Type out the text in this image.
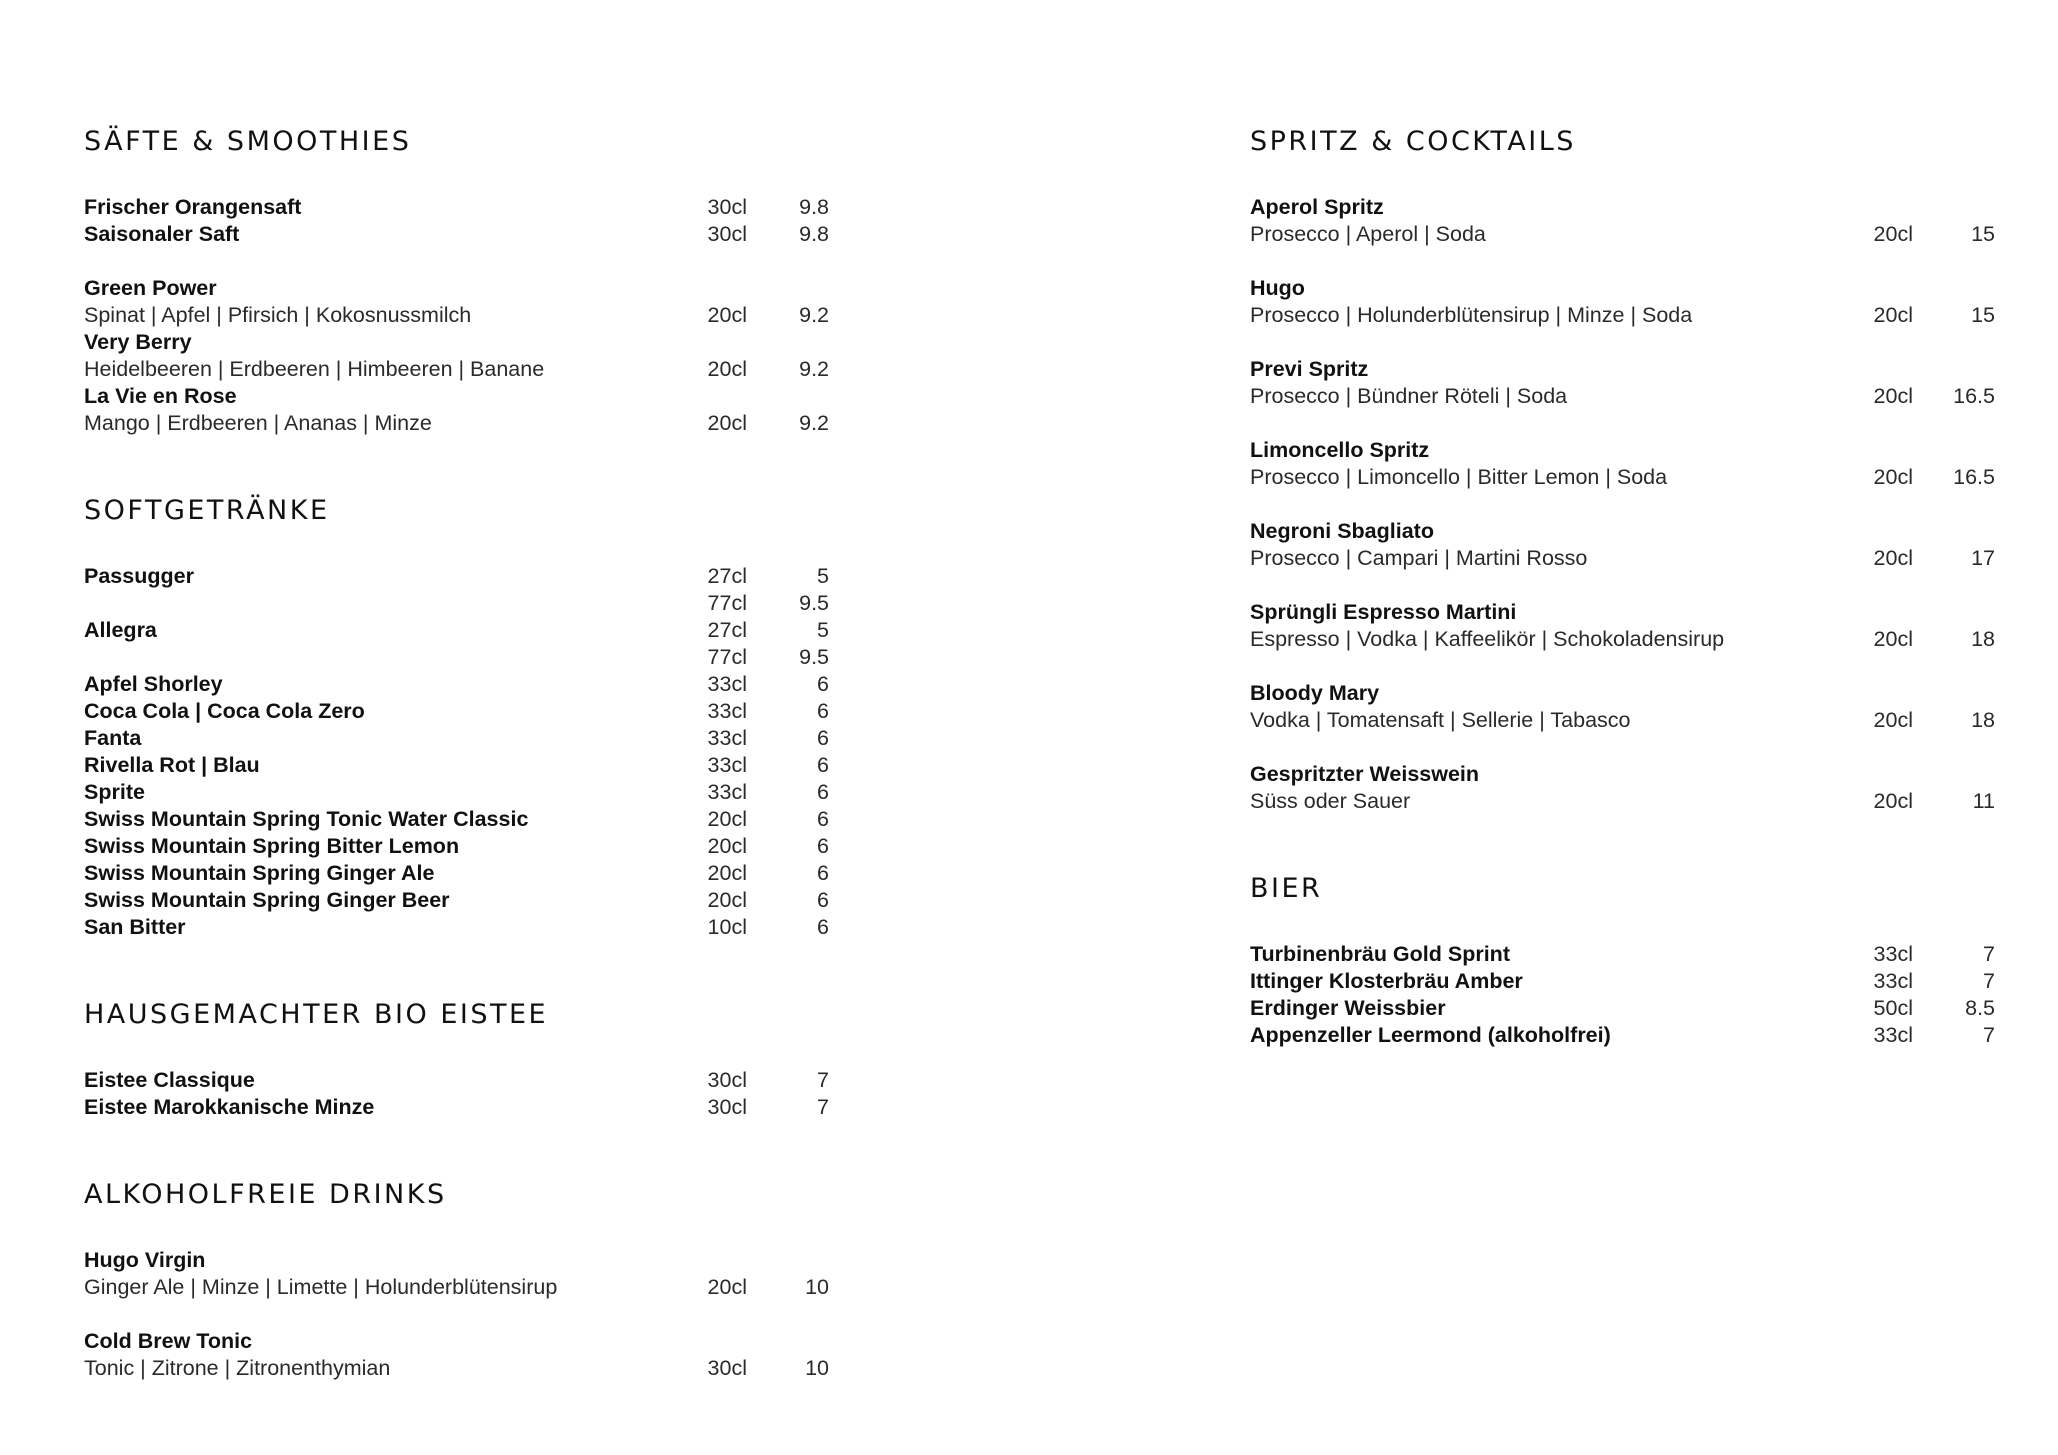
SÄFTE & SMOOTHIES
Frischer Orangensaft	30cl	9.8
Saisonaler Saft	30cl	9.8
Green Power
Spinat | Apfel | Pfirsich | Kokosnussmilch	20cl	9.2
Very Berry
Heidelbeeren | Erdbeeren | Himbeeren | Banane	20cl	9.2
La Vie en Rose
Mango | Erdbeeren | Ananas | Minze	20cl	9.2
SOFTGETRÄNKE
Passugger	27cl	5
77cl	9.5
Allegra	27cl	5
77cl	9.5
Apfel Shorley	33cl	6
Coca Cola | Coca Cola Zero	33cl	6
Fanta	33cl	6
Rivella Rot | Blau	33cl	6
Sprite	33cl	6
Swiss Mountain Spring Tonic Water Classic	20cl	6
Swiss Mountain Spring Bitter Lemon	20cl	6
Swiss Mountain Spring Ginger Ale	20cl	6
Swiss Mountain Spring Ginger Beer	20cl	6
San Bitter	10cl	6
HAUSGEMACHTER BIO EISTEE
Eistee Classique	30cl	7
Eistee Marokkanische Minze	30cl	7
ALKOHOLFREIE DRINKS
Hugo Virgin
Ginger Ale | Minze | Limette | Holunderblütensirup	20cl	10
Cold Brew Tonic
Tonic | Zitrone | Zitronenthymian	30cl	10
SPRITZ & COCKTAILS
Aperol Spritz
Prosecco | Aperol | Soda	20cl	15
Hugo
Prosecco | Holunderblütensirup | Minze | Soda	20cl	15
Previ Spritz
Prosecco | Bündner Röteli | Soda	20cl	16.5
Limoncello Spritz
Prosecco | Limoncello | Bitter Lemon | Soda	20cl	16.5
Negroni Sbagliato
Prosecco | Campari | Martini Rosso	20cl	17
Sprüngli Espresso Martini
Espresso | Vodka | Kaffeelikör | Schokoladensirup	20cl	18
Bloody Mary
Vodka | Tomatensaft | Sellerie | Tabasco	20cl	18
Gespritzter Weisswein
Süss oder Sauer	20cl	11
BIER
Turbinenbräu Gold Sprint	33cl	7
Ittinger Klosterbräu Amber	33cl	7
Erdinger Weissbier	50cl	8.5
Appenzeller Leermond (alkoholfrei)	33cl	7
